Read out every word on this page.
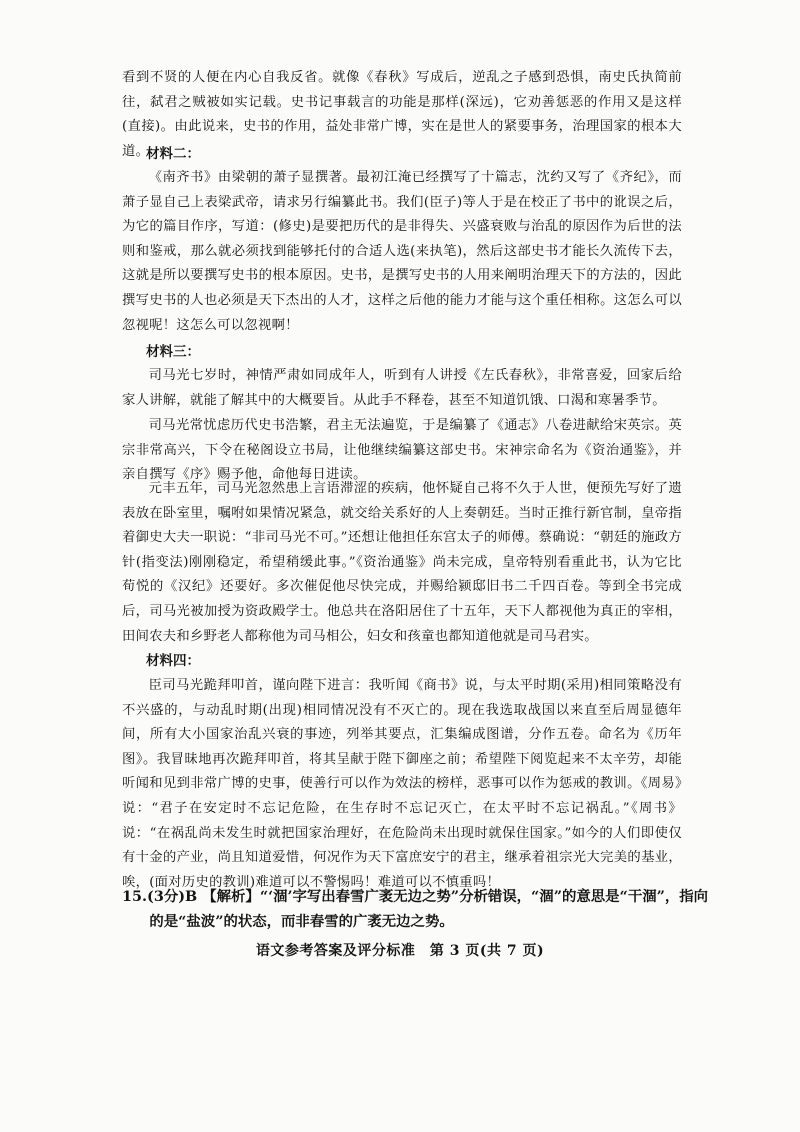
看到不贤的人便在内心自我反省。就像《春秋》写成后，逆乱之子感到恐惧，南史氏执简前往，弑君之贼被如实记载。史书记事载言的功能是那样(深远)，它劝善惩恶的作用又是这样(直接)。由此说来，史书的作用，益处非常广博，实在是世人的紧要事务，治理国家的根本大道。

材料二：

《南齐书》由梁朝的萧子显撰著。最初江淹已经撰写了十篇志，沈约又写了《齐纪》，而萧子显自己上表梁武帝，请求另行编纂此书。我们(臣子)等人于是在校正了书中的讹误之后，为它的篇目作序，写道：(修史)是要把历代的是非得失、兴盛衰败与治乱的原因作为后世的法则和鉴戒，那么就必须找到能够托付的合适人选(来执笔)，然后这部史书才能长久流传下去，这就是所以要撰写史书的根本原因。史书，是撰写史书的人用来阐明治理天下的方法的，因此撰写史书的人也必须是天下杰出的人才，这样之后他的能力才能与这个重任相称。这怎么可以忽视呢！这怎么可以忽视啊！

材料三：

司马光七岁时，神情严肃如同成年人，听到有人讲授《左氏春秋》，非常喜爱，回家后给家人讲解，就能了解其中的大概要旨。从此手不释卷，甚至不知道饥饿、口渴和寒暑季节。

司马光常忧虑历代史书浩繁，君主无法遍览，于是编纂了《通志》八卷进献给宋英宗。英宗非常高兴，下令在秘阁设立书局，让他继续编纂这部史书。宋神宗命名为《资治通鉴》，并亲自撰写《序》赐予他，命他每日进读。

元丰五年，司马光忽然患上言语滞涩的疾病，他怀疑自己将不久于人世，便预先写好了遗表放在卧室里，嘱咐如果情况紧急，就交给关系好的人上奏朝廷。当时正推行新官制，皇帝指着御史大夫一职说：“非司马光不可。”还想让他担任东宫太子的师傅。蔡确说：“朝廷的施政方针(指变法)刚刚稳定，希望稍缓此事。”《资治通鉴》尚未完成，皇帝特别看重此书，认为它比荀悦的《汉纪》还要好。多次催促他尽快完成，并赐给颍邸旧书二千四百卷。等到全书完成后，司马光被加授为资政殿学士。他总共在洛阳居住了十五年，天下人都视他为真正的宰相，田间农夫和乡野老人都称他为司马相公，妇女和孩童也都知道他就是司马君实。

材料四：

臣司马光跪拜叩首，谨向陛下进言：我听闻《商书》说，与太平时期(采用)相同策略没有不兴盛的，与动乱时期(出现)相同情况没有不灭亡的。现在我选取战国以来直至后周显德年间，所有大小国家治乱兴衰的事迹，列举其要点，汇集编成图谱，分作五卷。命名为《历年图》。我冒昧地再次跪拜叩首，将其呈献于陛下御座之前；希望陛下阅览起来不太辛劳，却能听闻和见到非常广博的史事，使善行可以作为效法的榜样，恶事可以作为惩戒的教训。《周易》说：“君子在安定时不忘记危险，在生存时不忘记灭亡，在太平时不忘记祸乱。”《周书》说：“在祸乱尚未发生时就把国家治理好，在危险尚未出现时就保住国家。”如今的人们即使仅有十金的产业，尚且知道爱惜，何况作为天下富庶安宁的君主，继承着祖宗光大完美的基业，唉，(面对历史的教训)难道可以不警惕吗！难道可以不慎重吗！

15.(3分)B 【解析】“‘涸’字写出春雪广袤无边之势”分析错误，“涸”的意思是“干涸”，指向的是“盐波”的状态，而非春雪的广袤无边之势。

语文参考答案及评分标准　第 3 页(共 7 页)
